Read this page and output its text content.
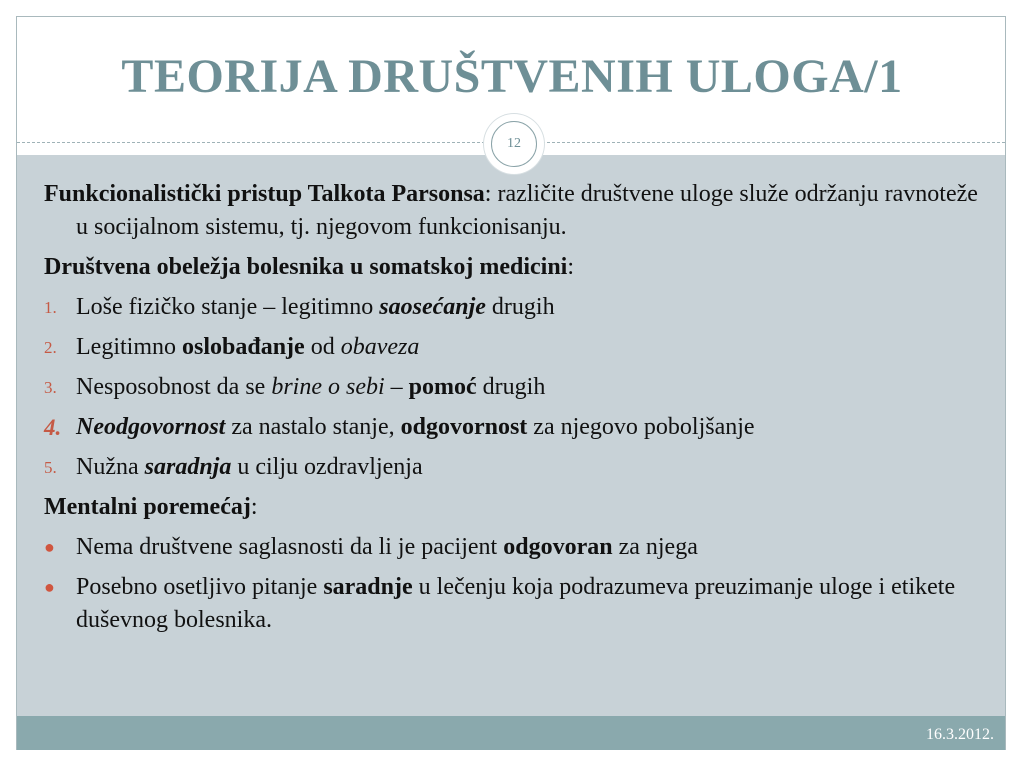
TEORIJA DRUŠTVENIH ULOGA/1
12

Funkcionalistički pristup Talkota Parsonsa: različite društvene uloge služe održanju ravnoteže u socijalnom sistemu, tj. njegovom funkcionisanju.

Društvena obeležja bolesnika u somatskoj medicini:

1. Loše fizičko stanje – legitimno saosećanje drugih
2. Legitimno oslobađanje od obaveza
3. Nesposobnost da se brine o sebi – pomoć drugih
4. Neodgovornost za nastalo stanje, odgovornost za njegovo poboljšanje
5. Nužna saradnja u cilju ozdravljenja

Mentalni poremećaj:

● Nema društvene saglasnosti da li je pacijent odgovoran za njega
● Posebno osetljivo pitanje saradnje u lečenju koja podrazumeva preuzimanje uloge i etikete duševnog bolesnika.
16.3.2012.
